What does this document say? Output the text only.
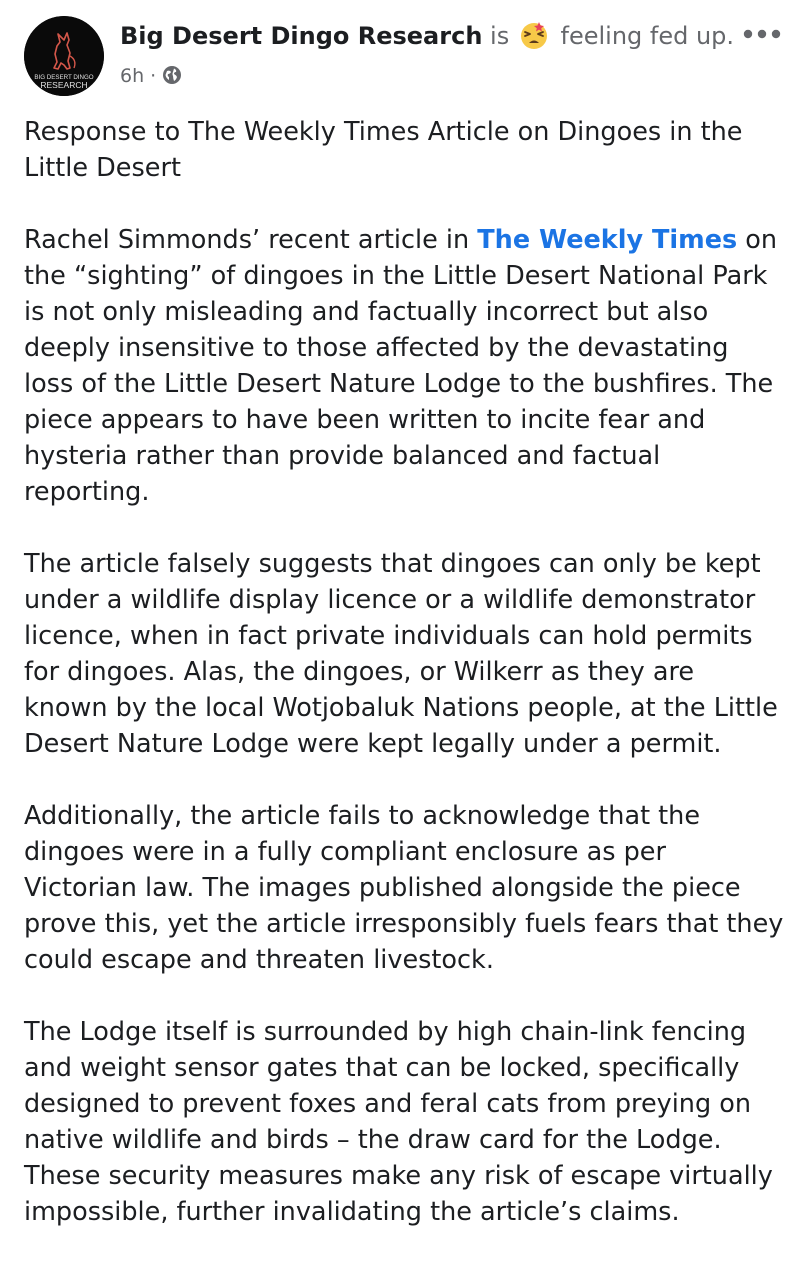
BIG DESERT DINGO
RESEARCH
Big Desert Dingo Research is feeling fed up.
6h ·

Response to The Weekly Times Article on Dingoes in the Little Desert

Rachel Simmonds’ recent article in The Weekly Times on the “sighting” of dingoes in the Little Desert National Park is not only misleading and factually incorrect but also deeply insensitive to those affected by the devastating loss of the Little Desert Nature Lodge to the bushfires. The piece appears to have been written to incite fear and hysteria rather than provide balanced and factual reporting.

The article falsely suggests that dingoes can only be kept under a wildlife display licence or a wildlife demonstrator licence, when in fact private individuals can hold permits for dingoes. Alas, the dingoes, or Wilkerr as they are known by the local Wotjobaluk Nations people, at the Little Desert Nature Lodge were kept legally under a permit.

Additionally, the article fails to acknowledge that the dingoes were in a fully compliant enclosure as per Victorian law. The images published alongside the piece prove this, yet the article irresponsibly fuels fears that they could escape and threaten livestock.

The Lodge itself is surrounded by high chain-link fencing and weight sensor gates that can be locked, specifically designed to prevent foxes and feral cats from preying on native wildlife and birds – the draw card for the Lodge. These security measures make any risk of escape virtually impossible, further invalidating the article’s claims.
